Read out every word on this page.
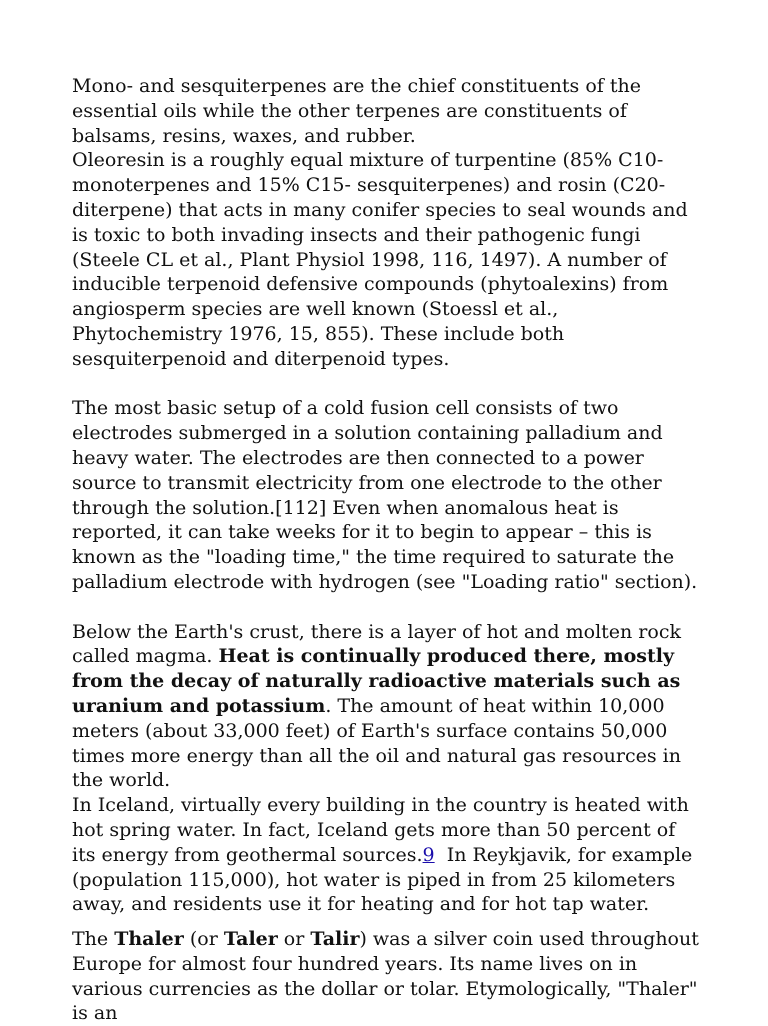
Mono- and sesquiterpenes are the chief constituents of the essential oils while the other terpenes are constituents of balsams, resins, waxes, and rubber.

Oleoresin is a roughly equal mixture of turpentine (85% C10-monoterpenes and 15% C15- sesquiterpenes) and rosin (C20-diterpene) that acts in many conifer species to seal wounds and is toxic to both invading insects and their pathogenic fungi (Steele CL et al., Plant Physiol 1998, 116, 1497). A number of inducible terpenoid defensive compounds (phytoalexins) from angiosperm species are well known (Stoessl et al., Phytochemistry 1976, 15, 855). These include both sesquiterpenoid and diterpenoid types.

The most basic setup of a cold fusion cell consists of two electrodes submerged in a solution containing palladium and heavy water. The electrodes are then connected to a power source to transmit electricity from one electrode to the other through the solution.[112] Even when anomalous heat is reported, it can take weeks for it to begin to appear – this is known as the "loading time," the time required to saturate the palladium electrode with hydrogen (see "Loading ratio" section).

Below the Earth's crust, there is a layer of hot and molten rock called magma. Heat is continually produced there, mostly from the decay of naturally radioactive materials such as uranium and potassium. The amount of heat within 10,000 meters (about 33,000 feet) of Earth's surface contains 50,000 times more energy than all the oil and natural gas resources in the world.

In Iceland, virtually every building in the country is heated with hot spring water. In fact, Iceland gets more than 50 percent of its energy from geothermal sources.9  In Reykjavik, for example (population 115,000), hot water is piped in from 25 kilometers away, and residents use it for heating and for hot tap water.

The Thaler (or Taler or Talir) was a silver coin used throughout Europe for almost four hundred years. Its name lives on in various currencies as the dollar or tolar. Etymologically, "Thaler" is an
